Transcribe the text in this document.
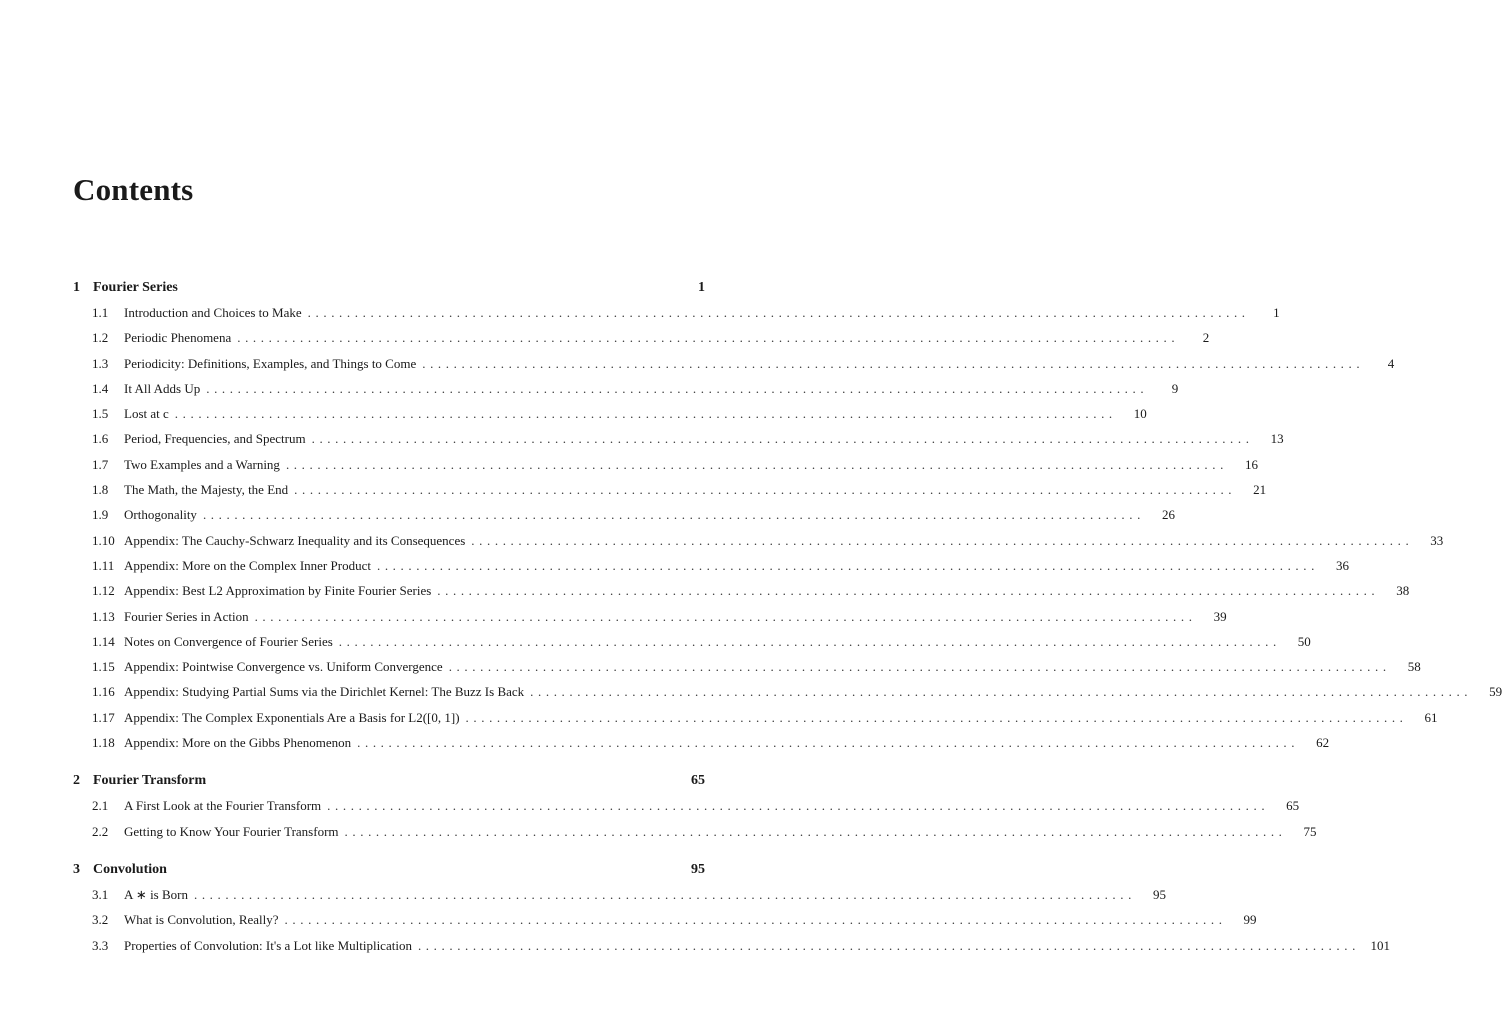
Contents
1 Fourier Series	1
1.1	Introduction and Choices to Make ........................................................................................................................	1
1.2	Periodic Phenomena ........................................................................................................................	2
1.3	Periodicity: Definitions, Examples, and Things to Come ........................................................................................................................	4
1.4	It All Adds Up ........................................................................................................................	9
1.5	Lost at c ........................................................................................................................	10
1.6	Period, Frequencies, and Spectrum ........................................................................................................................	13
1.7	Two Examples and a Warning ........................................................................................................................	16
1.8	The Math, the Majesty, the End ........................................................................................................................	21
1.9	Orthogonality ........................................................................................................................	26
1.10 Appendix: The Cauchy-Schwarz Inequality and its Consequences ........................................................................................................................	33
1.11 Appendix: More on the Complex Inner Product ........................................................................................................................	36
1.12 Appendix: Best L2 Approximation by Finite Fourier Series ........................................................................................................................	38
1.13 Fourier Series in Action ........................................................................................................................	39
1.14 Notes on Convergence of Fourier Series ........................................................................................................................	50
1.15 Appendix: Pointwise Convergence vs. Uniform Convergence ........................................................................................................................	58
1.16 Appendix: Studying Partial Sums via the Dirichlet Kernel: The Buzz Is Back ........................................................................................................................	59
1.17 Appendix: The Complex Exponentials Are a Basis for L2([0, 1]) ........................................................................................................................	61
1.18 Appendix: More on the Gibbs Phenomenon ........................................................................................................................	62
2 Fourier Transform	65
2.1	A First Look at the Fourier Transform ........................................................................................................................	65
2.2	Getting to Know Your Fourier Transform ........................................................................................................................	75
3 Convolution	95
3.1	A ∗ is Born ........................................................................................................................	95
3.2	What is Convolution, Really? ........................................................................................................................	99
3.3	Properties of Convolution: It's a Lot like Multiplication ........................................................................................................................ 101
